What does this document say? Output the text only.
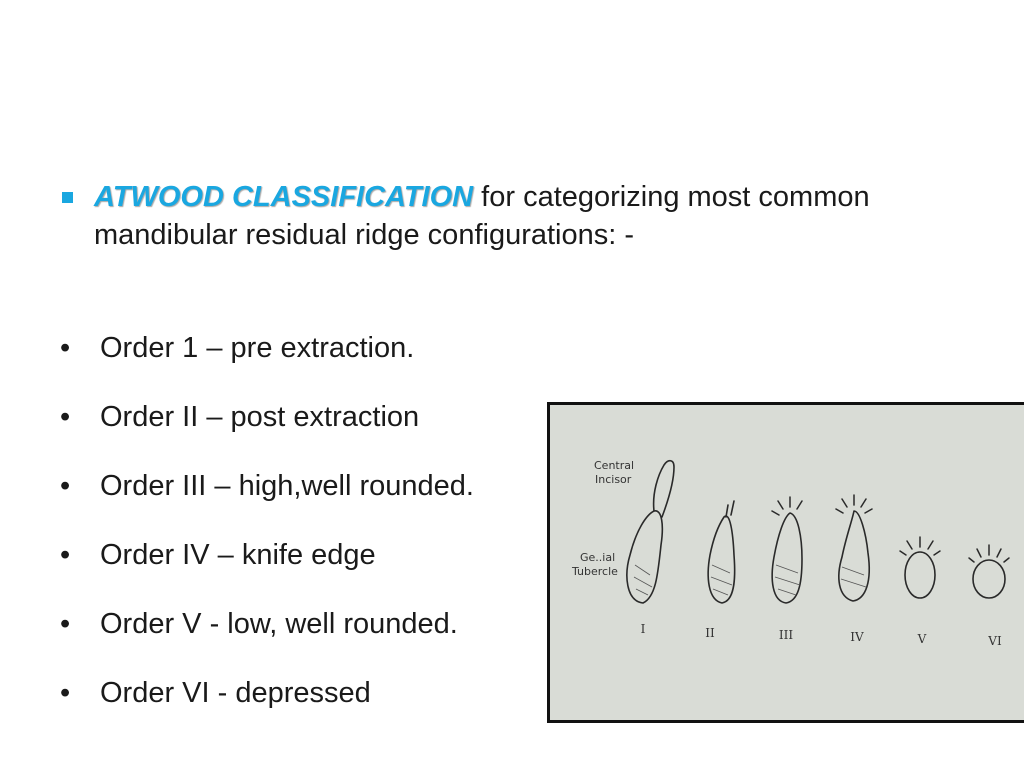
ATWOOD CLASSIFICATION for categorizing most common mandibular residual ridge configurations: -
•	Order 1 – pre extraction.
•	Order II – post extraction
•	Order III – high,well rounded.
•	Order IV – knife edge
•	Order V - low, well rounded.
•	Order VI - depressed
Central
Incisor
Ge..ial
Tubercle
I	II	III	IV	V	VI
